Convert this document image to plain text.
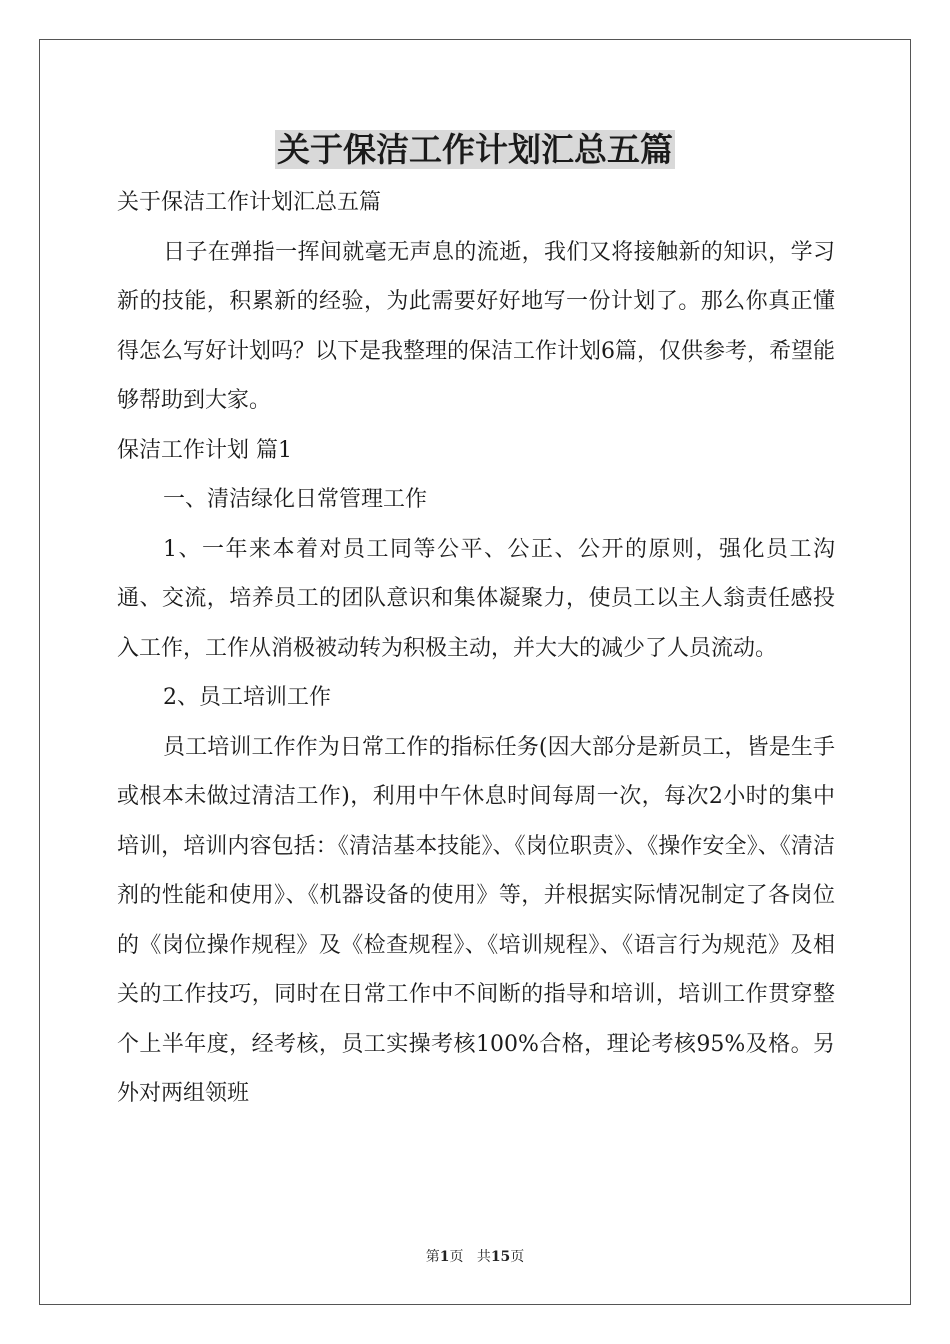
关于保洁工作计划汇总五篇

关于保洁工作计划汇总五篇

日子在弹指一挥间就毫无声息的流逝，我们又将接触新的知识，学习新的技能，积累新的经验，为此需要好好地写一份计划了。那么你真正懂得怎么写好计划吗？以下是我整理的保洁工作计划6篇，仅供参考，希望能够帮助到大家。

保洁工作计划 篇1

一、清洁绿化日常管理工作

1、一年来本着对员工同等公平、公正、公开的原则，强化员工沟通、交流，培养员工的团队意识和集体凝聚力，使员工以主人翁责任感投入工作，工作从消极被动转为积极主动，并大大的减少了人员流动。

2、员工培训工作

员工培训工作作为日常工作的指标任务(因大部分是新员工，皆是生手或根本未做过清洁工作)，利用中午休息时间每周一次，每次2小时的集中培训，培训内容包括：《清洁基本技能》、《岗位职责》、《操作安全》、《清洁剂的性能和使用》、《机器设备的使用》等，并根据实际情况制定了各岗位的《岗位操作规程》及《检查规程》、《培训规程》、《语言行为规范》及相关的工作技巧，同时在日常工作中不间断的指导和培训，培训工作贯穿整个上半年度，经考核，员工实操考核100%合格，理论考核95%及格。另外对两组领班

第1页 共15页
